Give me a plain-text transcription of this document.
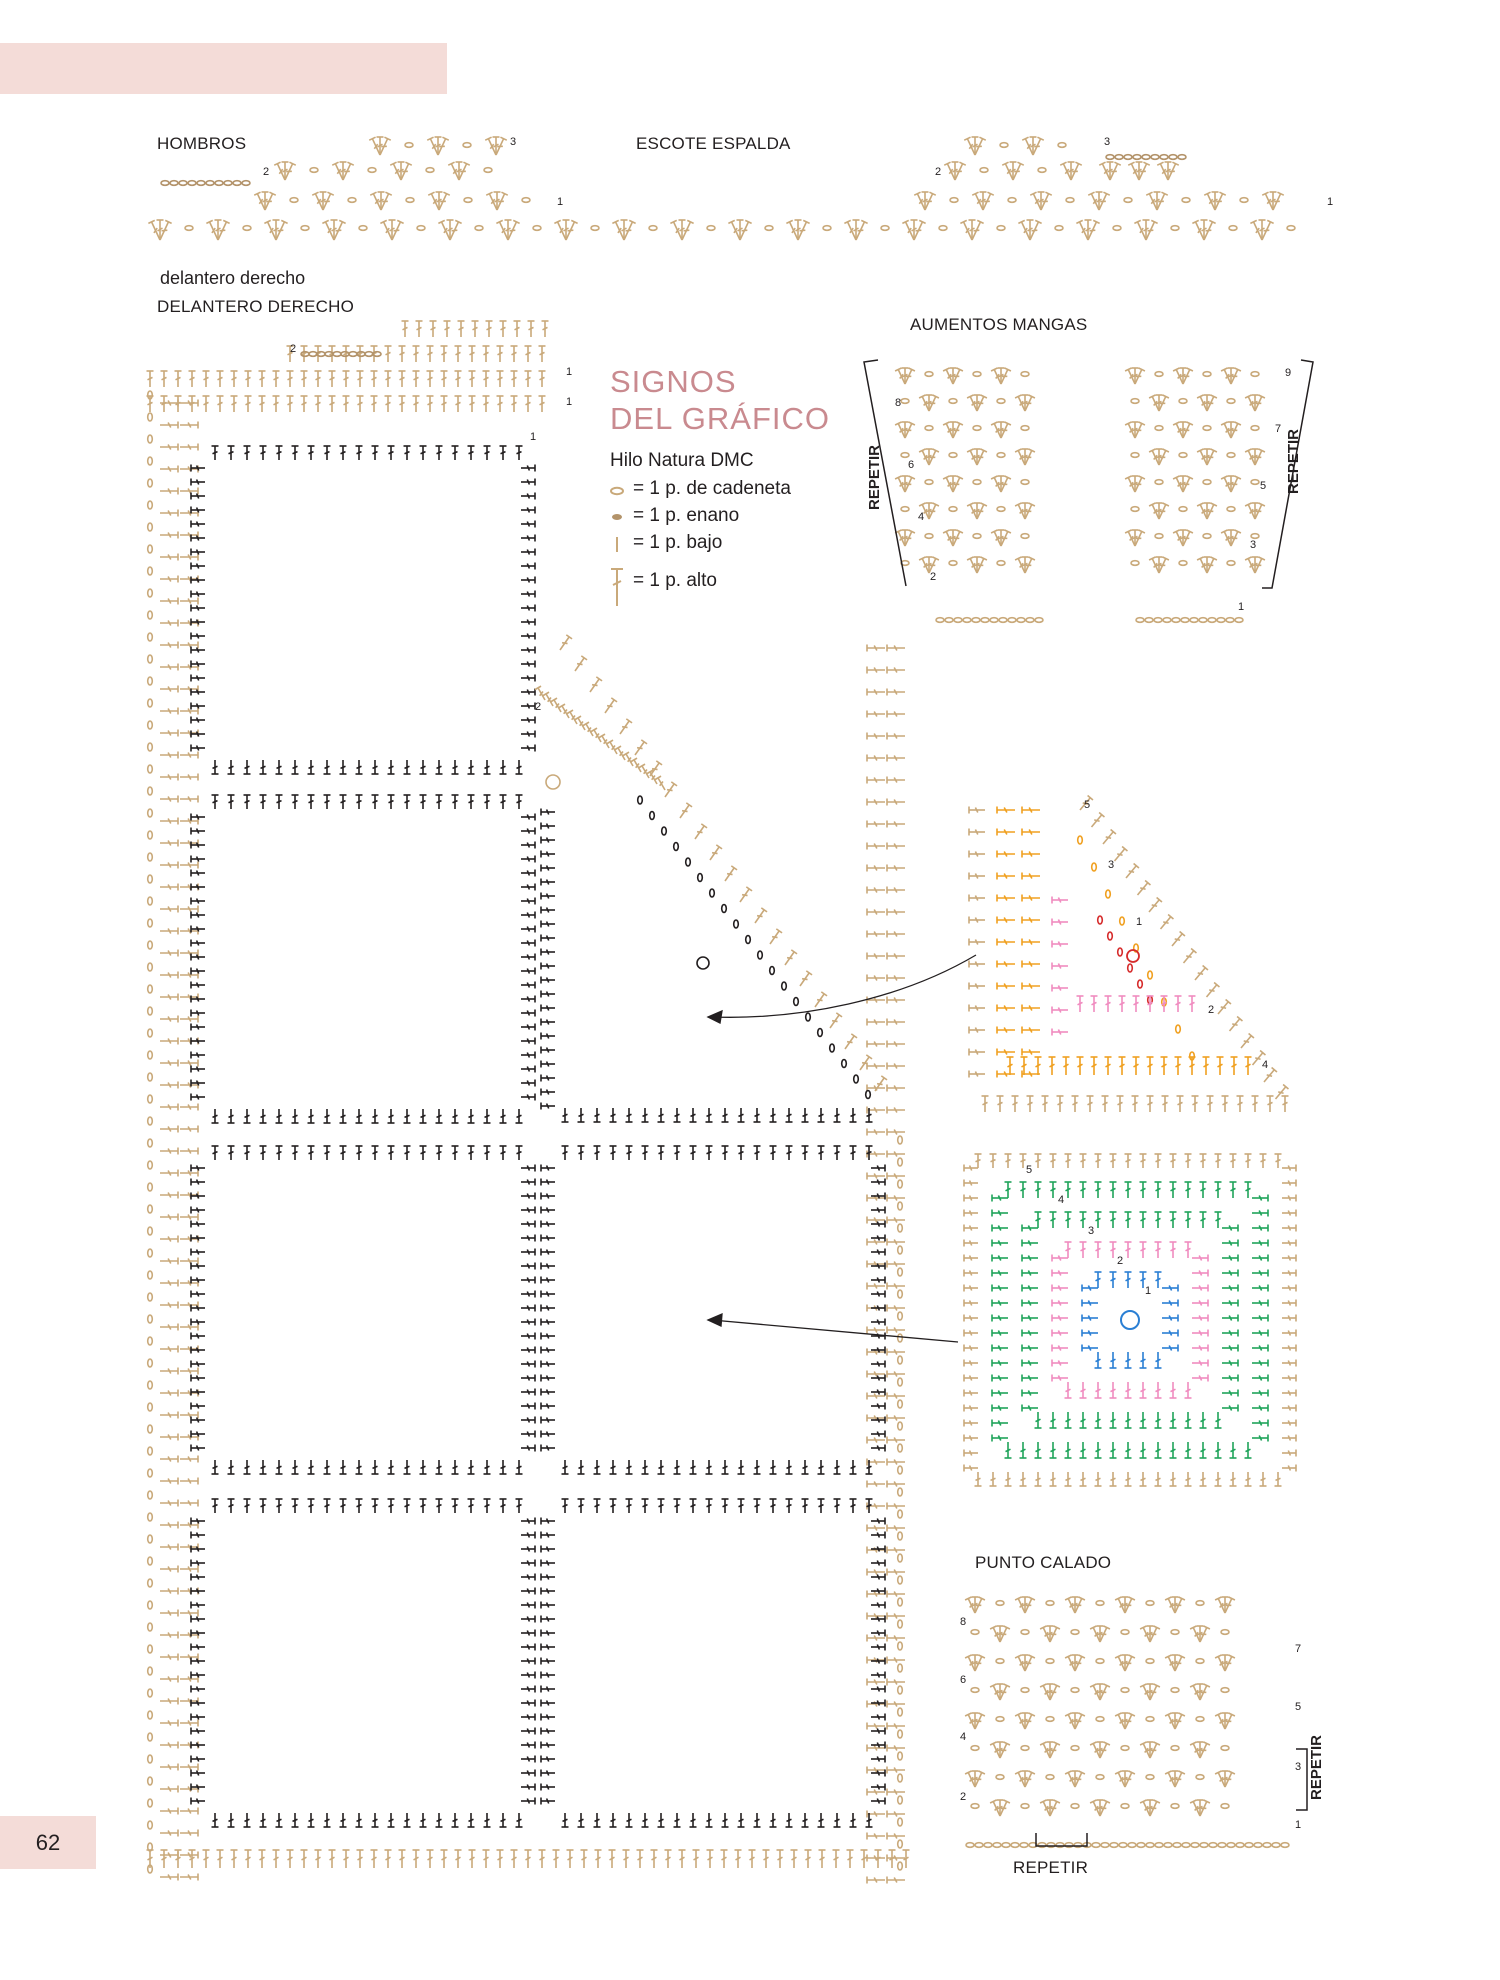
62
HOMBROS	ESCOTE ESPALDA
delantero derecho
DELANTERO DERECHO
AUMENTOS MANGAS
PUNTO CALADO
REPETIR
REPETIR	REPETIR
REPETIR
SIGNOS
DEL GRÁFICO
Hilo Natura DMC
= 1 p. de cadeneta
= 1 p. enano
= 1 p. bajo
= 1 p. alto
3
2
1
3
2
1
2
1
1
1
2
8
6
4
2
9
7
5
3
1
5
3
1
2
4
5
4
3
2
1
8
6
4
2
7
5
3
1
